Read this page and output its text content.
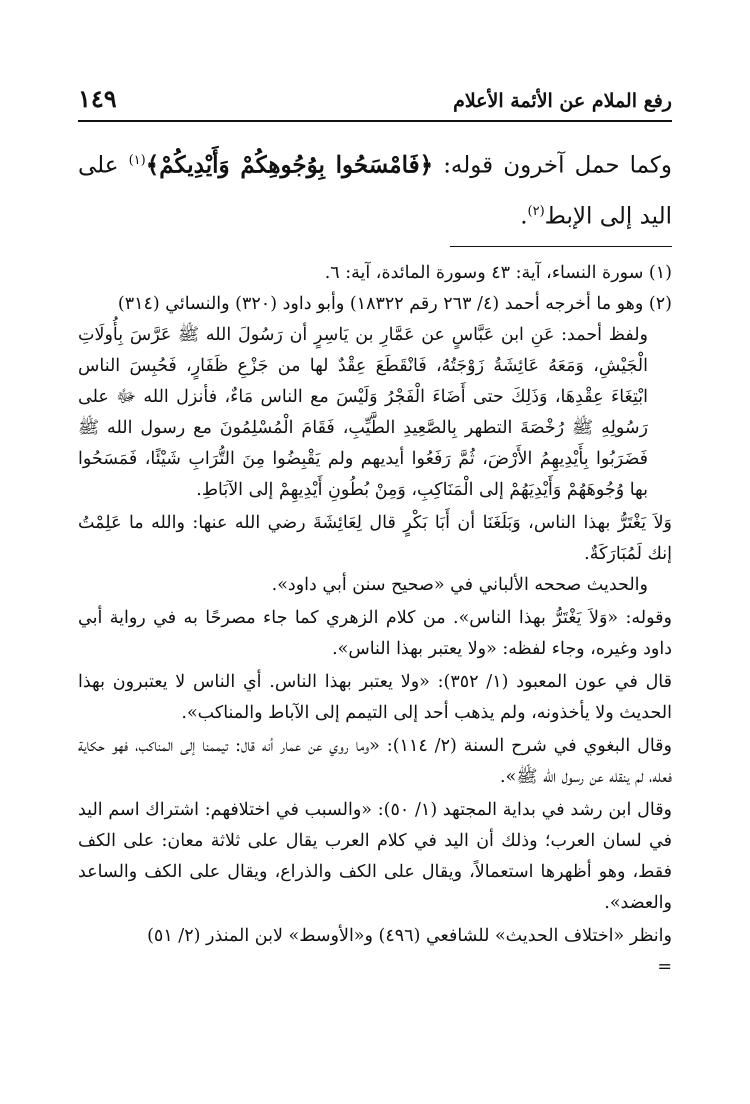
رفع الملام عن الأئمة الأعلام
١٤٩
وكما حمل آخرون قوله: ﴿فَامْسَحُوا بِوُجُوهِكُمْ وَأَيْدِيكُمْ﴾$^{(١)}$ على اليد إلى الإبط$^{(٢)}$.

(١) سورة النساء، آية: ٤٣ وسورة المائدة، آية: ٦.

(٢) وهو ما أخرجه أحمد (٤/ ٢٦٣ رقم ١٨٣٢٢) وأبو داود (٣٢٠) والنسائي (٣١٤)

ولفظ أحمد: عَنِ ابن عَبَّاسٍ عن عَمَّارِ بن يَاسِرٍ أن رَسُولَ الله ﷺ عَرَّسَ بِأُولَاتِ الْجَيْشِ، وَمَعَهُ عَائِشَةُ زَوْجَتُهُ، فَانْقَطَعَ عِقْدٌ لها من جَزْعِ ظَفَارٍ، فَحُبِسَ الناس ابْتِغَاءَ عِقْدِهَا، وَذَلِكَ حتى أَضَاءَ الْفَجْرُ وَلَيْسَ مع الناس مَاءٌ، فأنزل الله ﷻ على رَسُولِهِ ﷺ رُخْصَةَ التطهر بِالصَّعِيدِ الطَّيِّبِ، فَقَامَ الْمُسْلِمُونَ مع رسول الله ﷺ فَضَرَبُوا بِأَيْدِيهِمُ الأَرْضَ، ثُمَّ رَفَعُوا أيديهم ولم يَقْبِضُوا مِنَ التُّرَابِ شَيْئًا، فَمَسَحُوا بها وُجُوهَهُمْ وَأَيْدِيَهُمْ إلى الْمَنَاكِبِ، وَمِنْ بُطُونِ أَيْدِيهِمْ إلى الآبَاطِ.

وَلاَ يَغْتَرُّ بهذا الناس، وَبَلَغَنَا أن أَبَا بَكْرٍ قال لِعَائِشَةَ رضي الله عنها: والله ما عَلِمْتُ إنك لَمُبَارَكَةٌ.

والحديث صححه الألباني في «صحيح سنن أبي داود».

وقوله: «وَلاَ يَغْتَرُّ بهذا الناس». من كلام الزهري كما جاء مصرحًا به في رواية أبي داود وغيره، وجاء لفظه: «ولا يعتبر بهذا الناس».

قال في عون المعبود (١/ ٣٥٢): «ولا يعتبر بهذا الناس. أي الناس لا يعتبرون بهذا الحديث ولا يأخذونه، ولم يذهب أحد إلى التيمم إلى الآباط والمناكب».

وقال البغوي في شرح السنة (٢/ ١١٤): «وما روي عن عمار أنه قال: تيممنا إلى المناكب، فهو حكاية فعله، لم ينقله عن رسول الله ﷺ».

وقال ابن رشد في بداية المجتهد (١/ ٥٠): «والسبب في اختلافهم: اشتراك اسم اليد في لسان العرب؛ وذلك أن اليد في كلام العرب يقال على ثلاثة معان: على الكف فقط، وهو أظهرها استعمالاً، ويقال على الكف والذراع، ويقال على الكف والساعد والعضد».

وانظر «اختلاف الحديث» للشافعي (٤٩٦) و«الأوسط» لابن المنذر (٢/ ٥١)

=
